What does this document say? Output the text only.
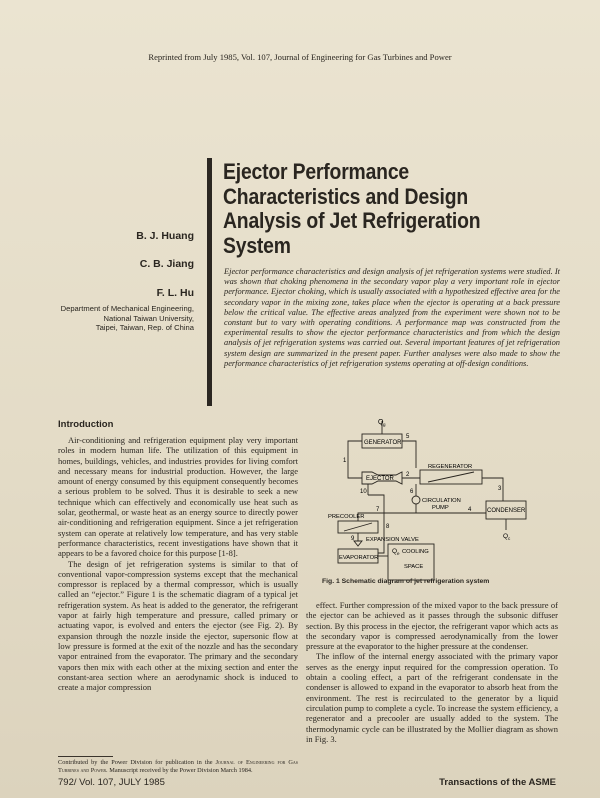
Reprinted from July 1985, Vol. 107, Journal of Engineering for Gas Turbines and Power
Ejector Performance
Characteristics and Design
Analysis of Jet Refrigeration
System
B. J. Huang
C. B. Jiang
F. L. Hu
Department of Mechanical Engineering,
National Taiwan University,
Taipei, Taiwan, Rep. of China
Ejector performance characteristics and design analysis of jet refrigeration systems were studied. It was shown that choking phenomena in the secondary vapor play a very important role in ejector performance. Ejector choking, which is usually associated with a hypothesized effective area for the secondary vapor in the mixing zone, takes place when the ejector is operating at a back pressure below the critical value. The effective areas analyzed from the experiment were shown not to be constant but to vary with operating conditions. A performance map was constructed from the experimental results to show the ejector performance characteristics and from which the design analysis of jet refrigeration systems was carried out. Several important features of jet refrigeration system design are summarized in the present paper. Further analyses were also made to show the performance characteristics of jet refrigeration systems operating at off-design conditions.
Introduction

Air-conditioning and refrigeration equipment play very important roles in modern human life. The utilization of this equipment in homes, buildings, vehicles, and industries provides for living comfort and necessary means for industrial production. However, the large amount of energy consumed by this equipment consequently becomes a serious problem to be solved. Thus it is desirable to seek a new technique which can effectively and economically use heat such as solar, geothermal, or waste heat as an energy source to directly power air-conditioning and refrigeration equipment. Since a jet refrigeration system can operate at relatively low temperature, and has very stable performance characteristics, recent investigations have shown that it appears to be a favored choice for this purpose [1-8].

The design of jet refrigeration systems is similar to that of conventional vapor-compression systems except that the mechanical compressor is replaced by a thermal compressor, which is usually called an “ejector.” Figure 1 is the schematic diagram of a typical jet refrigeration system. As heat is added to the generator, the refrigerant vapor at fairly high temperature and pressure, called primary or actuating vapor, is evolved and enters the ejector (see Fig. 2). By expansion through the nozzle inside the ejector, supersonic flow at low pressure is formed at the exit of the nozzle and has the secondary vapor entrained from the evaporator. The primary and the secondary vapors then mix with each other at the mixing section and enter the constant-area section where an aerodynamic shock is induced to create a major compression

effect. Further compression of the mixed vapor to the back pressure of the ejector can be achieved as it passes through the subsonic diffuser section. By this process in the ejector, the refrigerant vapor which acts as the secondary vapor is compressed aerodynamically from the lower pressure at the evaporator to the higher pressure at the condenser.

The inflow of the internal energy associated with the primary vapor serves as the energy input required for the compression operation. To obtain a cooling effect, a part of the refrigerant condensate in the condenser is allowed to expand in the evaporator to absorb heat from the environment. The rest is recirculated to the generator by a liquid circulation pump to complete a cycle. To increase the system efficiency, a regenerator and a precooler are usually added to the system. The thermodynamic cycle can be illustrated by the Mollier diagram as shown in Fig. 3.

Q g
GENERATOR
EJECTOR
REGENERATOR
CIRCULATION
PUMP	CONDENSER
Q c
PRECOOLER
EXPANSION VALVE
EVAPORATOR
Q e COOLING
SPACE
1
2
3
4
5
6
7
8
9
10
Fig. 1 Schematic diagram of jet refrigeration system
Contributed by the Power Division for publication in the Journal of Engineering for Gas Turbines and Power. Manuscript received by the Power Division March 1984.
792/ Vol. 107, JULY 1985	Transactions of the ASME
